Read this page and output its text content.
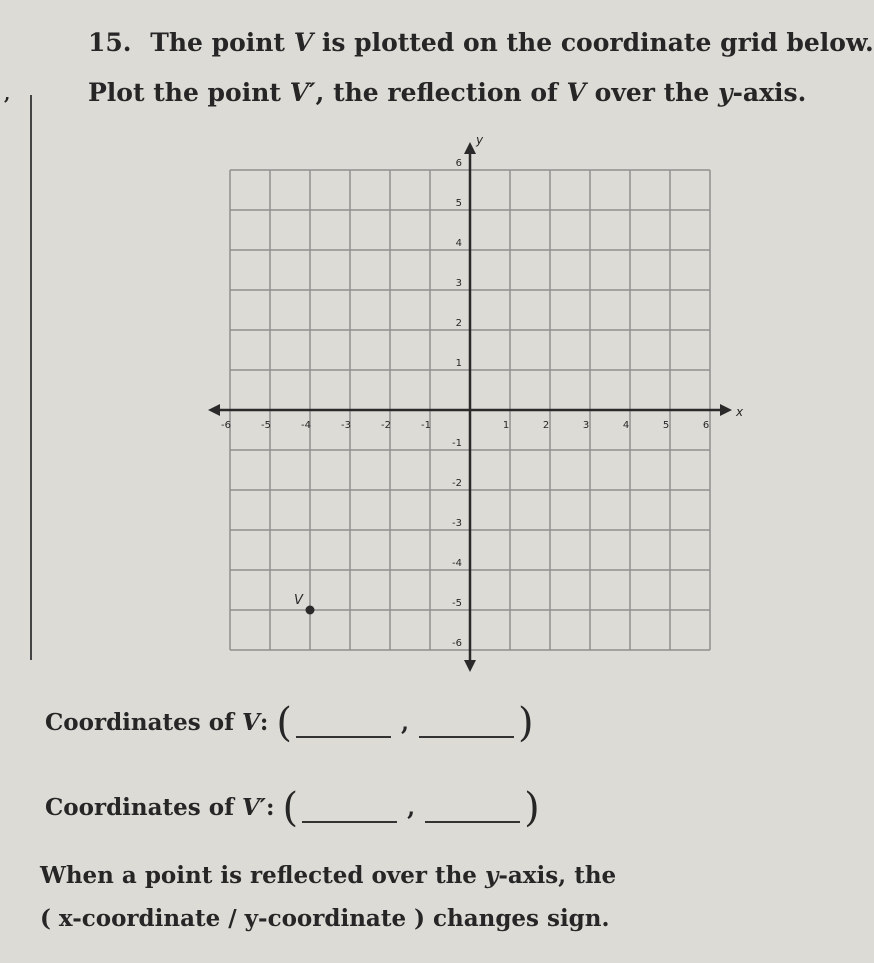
,

15. The point V is plotted on the coordinate grid below.

Plot the point V′, the reflection of V over the y-axis.

x
y
-6	-5	-4	-3	-2	-1	1	2	3	4	5	6
6
5
4
3
2
1
-1
-2
-3
-4
-5
-6
V

Coordinates of V: (	,	)

Coordinates of V′: (	,	)

When a point is reflected over the y-axis, the

( x-coordinate / y-coordinate ) changes sign.
